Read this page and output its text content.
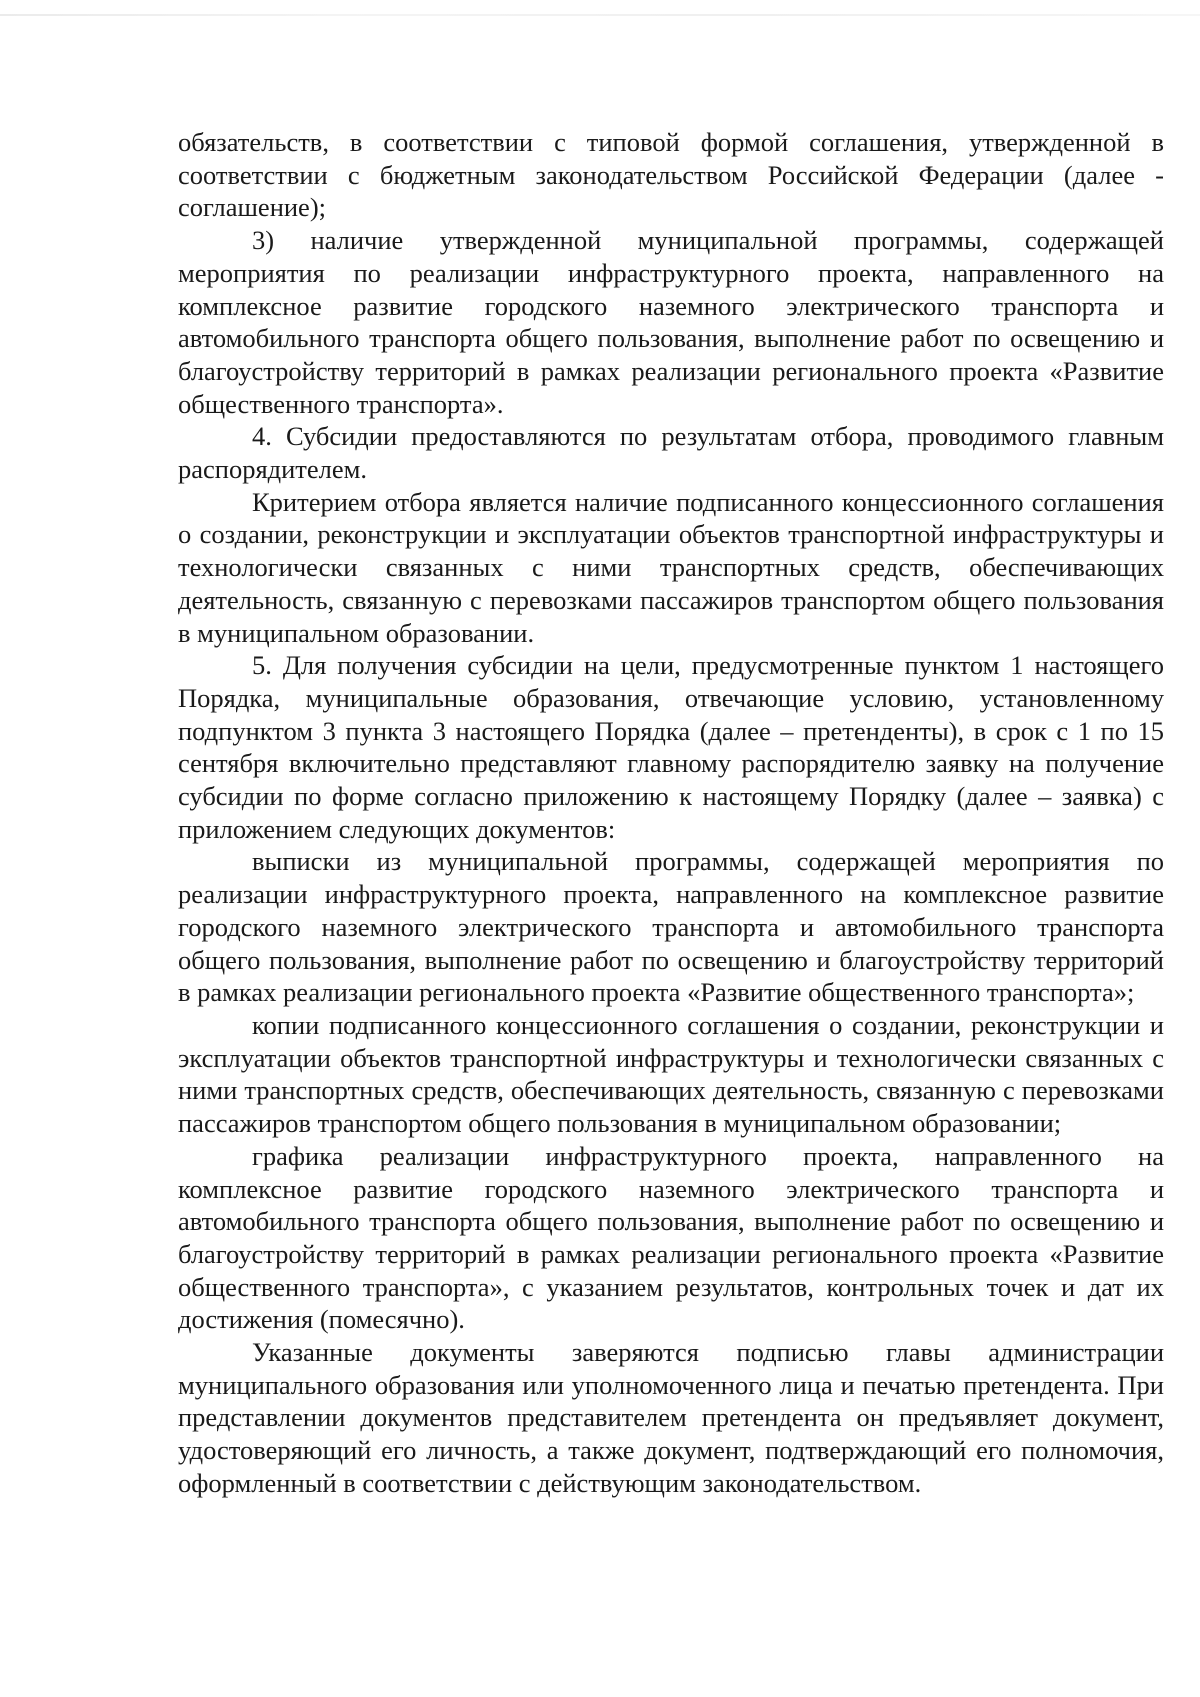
обязательств, в соответствии с типовой формой соглашения, утвержденной в соответствии с бюджетным законодательством Российской Федерации (далее - соглашение);

3) наличие утвержденной муниципальной программы, содержащей мероприятия по реализации инфраструктурного проекта, направленного на комплексное развитие городского наземного электрического транспорта и автомобильного транспорта общего пользования, выполнение работ по освещению и благоустройству территорий в рамках реализации регионального проекта «Развитие общественного транспорта».

4. Субсидии предоставляются по результатам отбора, проводимого главным распорядителем.

Критерием отбора является наличие подписанного концессионного соглашения о создании, реконструкции и эксплуатации объектов транспортной инфраструктуры и технологически связанных с ними транспортных средств, обеспечивающих деятельность, связанную с перевозками пассажиров транспортом общего пользования в муниципальном образовании.

5. Для получения субсидии на цели, предусмотренные пунктом 1 настоящего Порядка, муниципальные образования, отвечающие условию, установленному подпунктом 3 пункта 3 настоящего Порядка (далее – претенденты), в срок с 1 по 15 сентября включительно представляют главному распорядителю заявку на получение субсидии по форме согласно приложению к настоящему Порядку (далее – заявка) с приложением следующих документов:

выписки из муниципальной программы, содержащей мероприятия по реализации инфраструктурного проекта, направленного на комплексное развитие городского наземного электрического транспорта и автомобильного транспорта общего пользования, выполнение работ по освещению и благоустройству территорий в рамках реализации регионального проекта «Развитие общественного транспорта»;

копии подписанного концессионного соглашения о создании, реконструкции и эксплуатации объектов транспортной инфраструктуры и технологически связанных с ними транспортных средств, обеспечивающих деятельность, связанную с перевозками пассажиров транспортом общего пользования в муниципальном образовании;

графика реализации инфраструктурного проекта, направленного на комплексное развитие городского наземного электрического транспорта и автомобильного транспорта общего пользования, выполнение работ по освещению и благоустройству территорий в рамках реализации регионального проекта «Развитие общественного транспорта», с указанием результатов, контрольных точек и дат их достижения (помесячно).

Указанные документы заверяются подписью главы администрации муниципального образования или уполномоченного лица и печатью претендента. При представлении документов представителем претендента он предъявляет документ, удостоверяющий его личность, а также документ, подтверждающий его полномочия, оформленный в соответствии с действующим законодательством.
